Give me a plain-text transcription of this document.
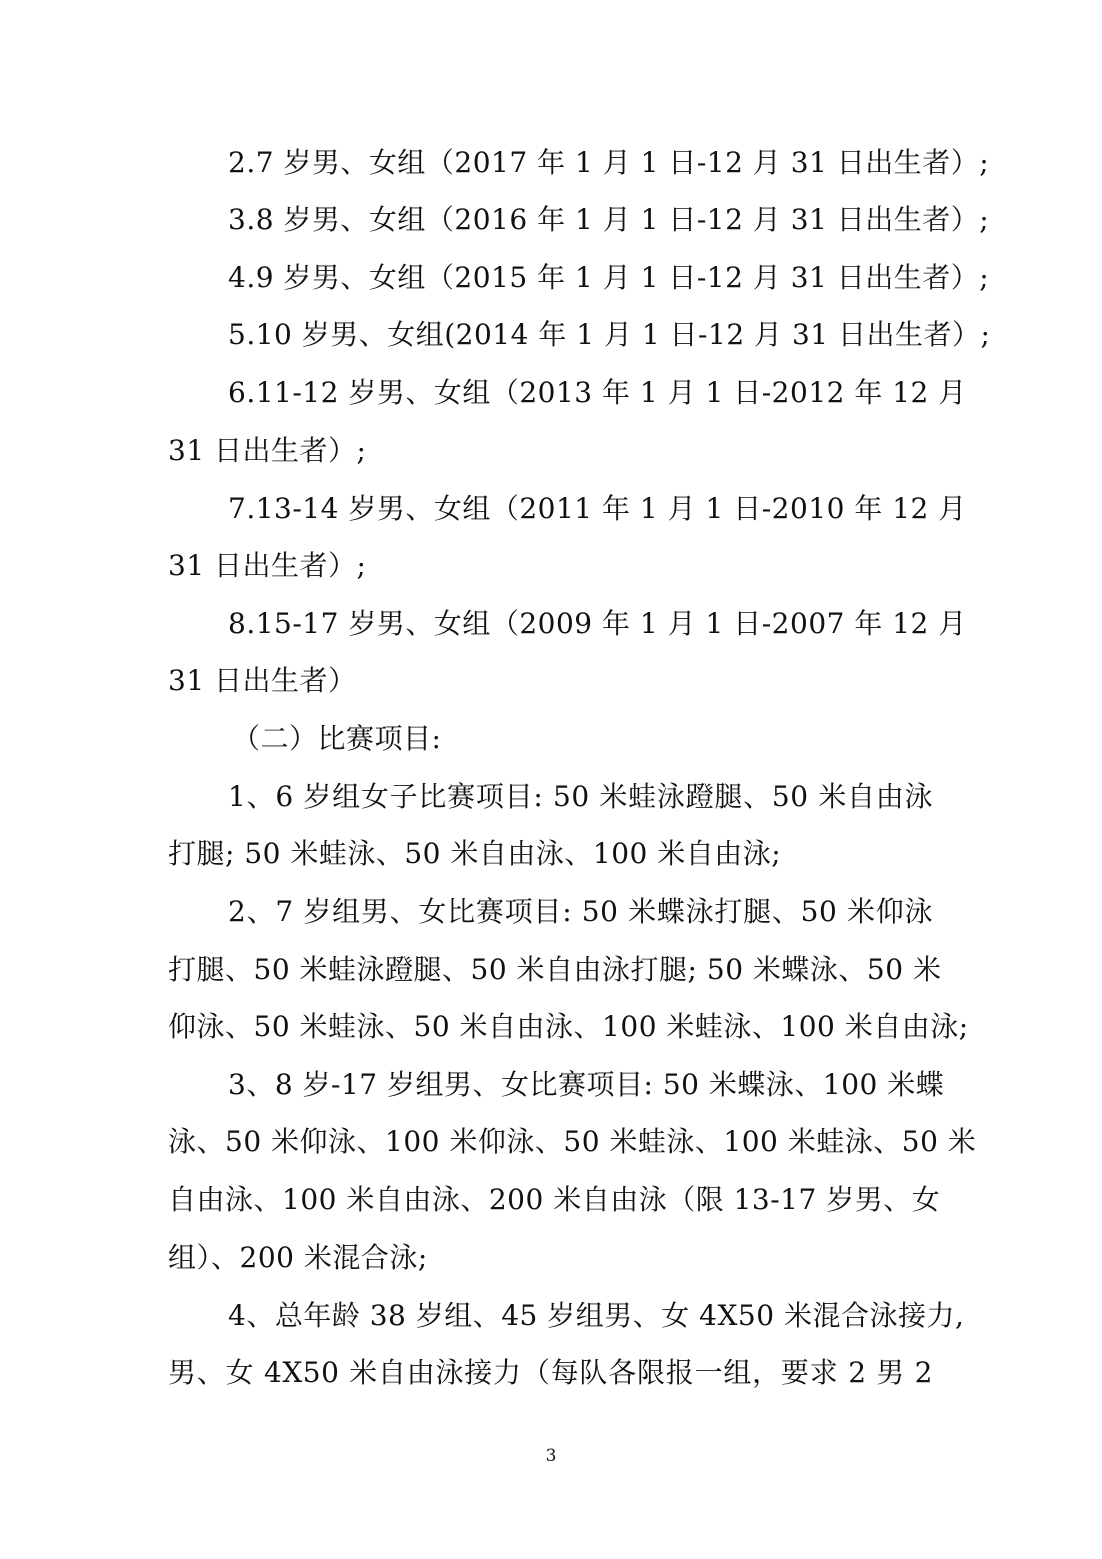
2.7 岁男、女组（2017 年 1 月 1 日-12 月 31 日出生者）;
3.8 岁男、女组（2016 年 1 月 1 日-12 月 31 日出生者）;
4.9 岁男、女组（2015 年 1 月 1 日-12 月 31 日出生者）;
5.10 岁男、女组(2014 年 1 月 1 日-12 月 31 日出生者）;
6.11-12 岁男、女组（2013 年 1 月 1 日-2012 年 12 月
31 日出生者）;
7.13-14 岁男、女组（2011 年 1 月 1 日-2010 年 12 月
31 日出生者）;
8.15-17 岁男、女组（2009 年 1 月 1 日-2007 年 12 月
31 日出生者）
（二）比赛项目:
1、6 岁组女子比赛项目: 50 米蛙泳蹬腿、50 米自由泳
打腿; 50 米蛙泳、50 米自由泳、100 米自由泳;
2、7 岁组男、女比赛项目: 50 米蝶泳打腿、50 米仰泳
打腿、50 米蛙泳蹬腿、50 米自由泳打腿; 50 米蝶泳、50 米
仰泳、50 米蛙泳、50 米自由泳、100 米蛙泳、100 米自由泳;
3、8 岁-17 岁组男、女比赛项目: 50 米蝶泳、100 米蝶
泳、50 米仰泳、100 米仰泳、50 米蛙泳、100 米蛙泳、50 米
自由泳、100 米自由泳、200 米自由泳（限 13-17 岁男、女
组）、200 米混合泳;
4、总年龄 38 岁组、45 岁组男、女 4X50 米混合泳接力,
男、女 4X50 米自由泳接力（每队各限报一组，要求 2 男 2
3
